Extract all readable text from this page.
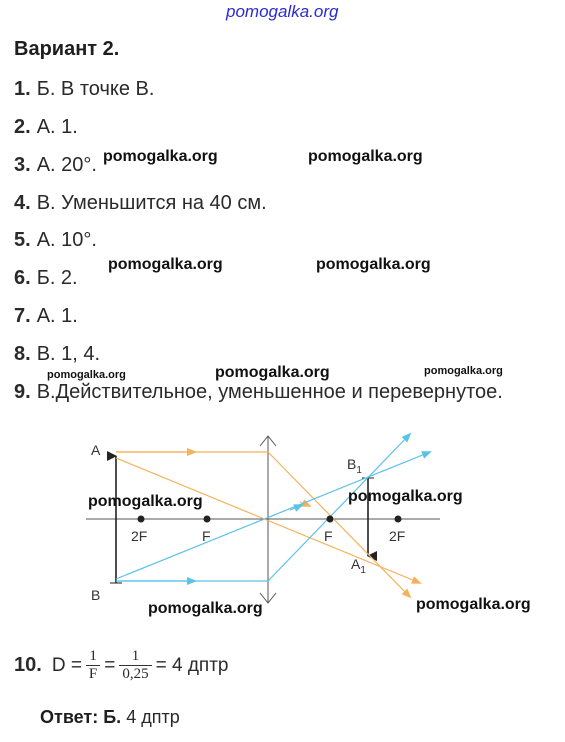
pomogalka.org
Вариант 2.
1. Б. В точке В.
2. А. 1.
3. А. 20°.
4. В. Уменьшится на 40 см.
5. А. 10°.
6. Б. 2.
7. А. 1.
8. В. 1, 4.
9. В.Действительное, уменьшенное и перевернутое.
A
B
2F	F	F	2F
$B_1$
$A_1$
pomogalka.org	pomogalka.org
pomogalka.org	pomogalka.org
pomogalka.org	pomogalka.org	pomogalka.org
pomogalka.org	pomogalka.org
pomogalka.org	pomogalka.org
10. $D = \frac{1}{F} = \frac{1}{0,25} = 4$ дптр
Ответ: Б. 4 дптр
